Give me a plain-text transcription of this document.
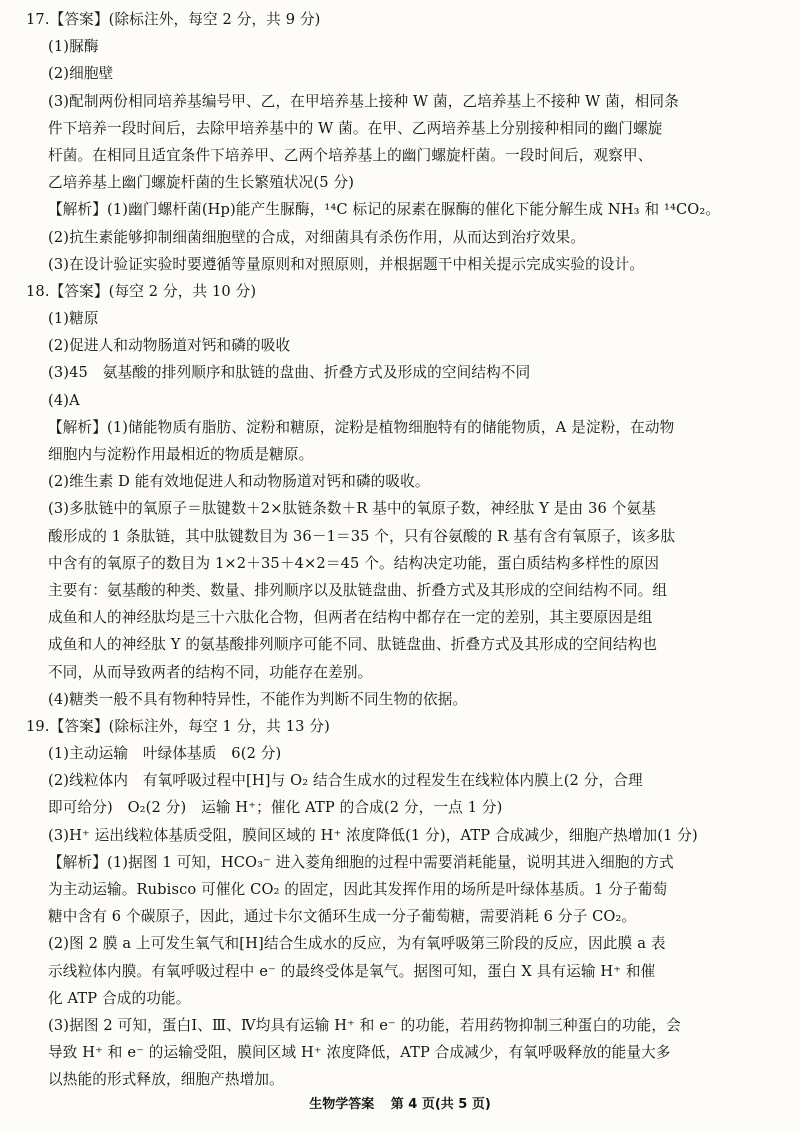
17.【答案】(除标注外，每空 2 分，共 9 分)
(1)脲酶
(2)细胞壁
(3)配制两份相同培养基编号甲、乙，在甲培养基上接种 W 菌，乙培养基上不接种 W 菌，相同条
件下培养一段时间后，去除甲培养基中的 W 菌。在甲、乙两培养基上分别接种相同的幽门螺旋
杆菌。在相同且适宜条件下培养甲、乙两个培养基上的幽门螺旋杆菌。一段时间后，观察甲、
乙培养基上幽门螺旋杆菌的生长繁殖状况(5 分)
【解析】(1)幽门螺杆菌(Hp)能产生脲酶，¹⁴C 标记的尿素在脲酶的催化下能分解生成 NH₃ 和 ¹⁴CO₂。
(2)抗生素能够抑制细菌细胞壁的合成，对细菌具有杀伤作用，从而达到治疗效果。
(3)在设计验证实验时要遵循等量原则和对照原则，并根据题干中相关提示完成实验的设计。
18.【答案】(每空 2 分，共 10 分)
(1)糖原
(2)促进人和动物肠道对钙和磷的吸收
(3)45　氨基酸的排列顺序和肽链的盘曲、折叠方式及形成的空间结构不同
(4)A
【解析】(1)储能物质有脂肪、淀粉和糖原，淀粉是植物细胞特有的储能物质，A 是淀粉，在动物
细胞内与淀粉作用最相近的物质是糖原。
(2)维生素 D 能有效地促进人和动物肠道对钙和磷的吸收。
(3)多肽链中的氧原子＝肽键数＋2×肽链条数＋R 基中的氧原子数，神经肽 Y 是由 36 个氨基
酸形成的 1 条肽链，其中肽键数目为 36－1＝35 个，只有谷氨酸的 R 基有含有氧原子，该多肽
中含有的氧原子的数目为 1×2＋35＋4×2＝45 个。结构决定功能，蛋白质结构多样性的原因
主要有：氨基酸的种类、数量、排列顺序以及肽链盘曲、折叠方式及其形成的空间结构不同。组
成鱼和人的神经肽均是三十六肽化合物，但两者在结构中都存在一定的差别，其主要原因是组
成鱼和人的神经肽 Y 的氨基酸排列顺序可能不同、肽链盘曲、折叠方式及其形成的空间结构也
不同，从而导致两者的结构不同，功能存在差别。
(4)糖类一般不具有物种特异性，不能作为判断不同生物的依据。
19.【答案】(除标注外，每空 1 分，共 13 分)
(1)主动运输　叶绿体基质　6(2 分)
(2)线粒体内　有氧呼吸过程中[H]与 O₂ 结合生成水的过程发生在线粒体内膜上(2 分，合理
即可给分)　O₂(2 分)　运输 H⁺；催化 ATP 的合成(2 分，一点 1 分)
(3)H⁺ 运出线粒体基质受阻，膜间区域的 H⁺ 浓度降低(1 分)，ATP 合成减少，细胞产热增加(1 分)
【解析】(1)据图 1 可知，HCO₃⁻ 进入菱角细胞的过程中需要消耗能量，说明其进入细胞的方式
为主动运输。Rubisco 可催化 CO₂ 的固定，因此其发挥作用的场所是叶绿体基质。1 分子葡萄
糖中含有 6 个碳原子，因此，通过卡尔文循环生成一分子葡萄糖，需要消耗 6 分子 CO₂。
(2)图 2 膜 a 上可发生氧气和[H]结合生成水的反应，为有氧呼吸第三阶段的反应，因此膜 a 表
示线粒体内膜。有氧呼吸过程中 e⁻ 的最终受体是氧气。据图可知，蛋白 X 具有运输 H⁺ 和催
化 ATP 合成的功能。
(3)据图 2 可知，蛋白Ⅰ、Ⅲ、Ⅳ均具有运输 H⁺ 和 e⁻ 的功能，若用药物抑制三种蛋白的功能，会
导致 H⁺ 和 e⁻ 的运输受阻，膜间区域 H⁺ 浓度降低，ATP 合成减少，有氧呼吸释放的能量大多
以热能的形式释放，细胞产热增加。
生物学答案 第 4 页(共 5 页)
